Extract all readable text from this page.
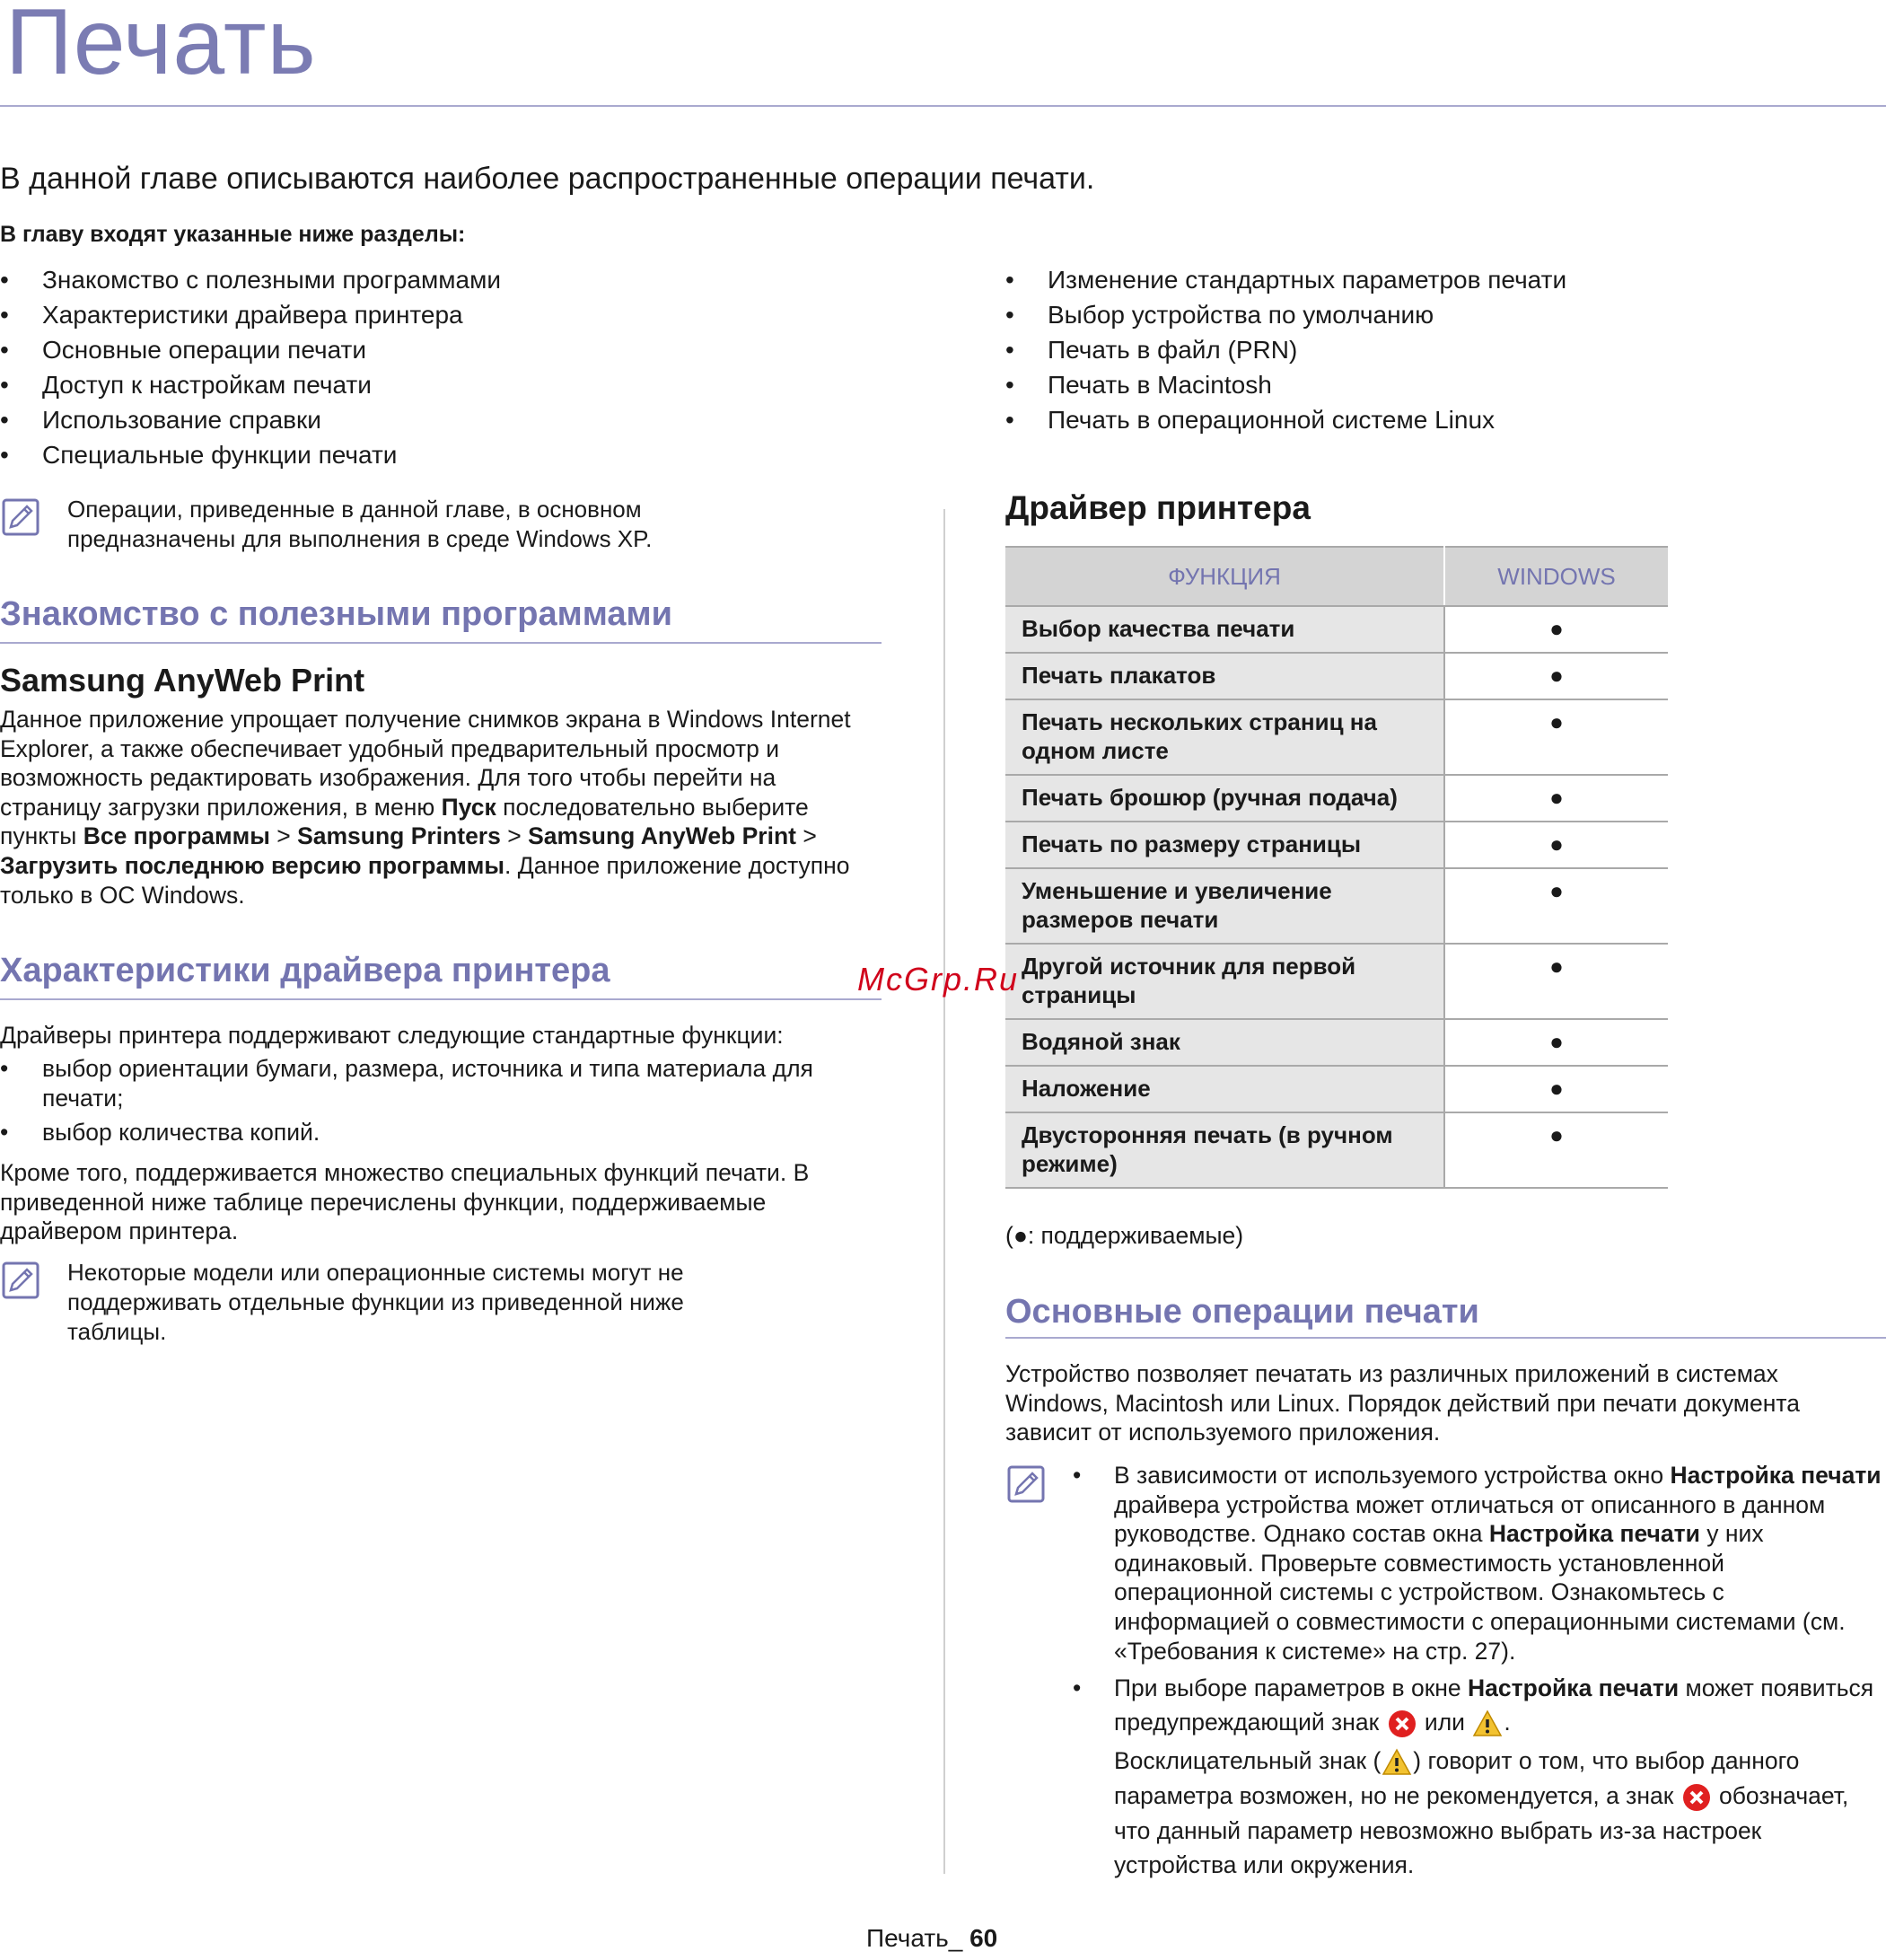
Печать
В данной главе описываются наиболее распространенные операции печати.
В главу входят указанные ниже разделы:
• Знакомство с полезными программами
• Характеристики драйвера принтера
• Основные операции печати
• Доступ к настройкам печати
• Использование справки
• Специальные функции печати
• Изменение стандартных параметров печати
• Выбор устройства по умолчанию
• Печать в файл (PRN)
• Печать в Macintosh
• Печать в операционной системе Linux
Операции, приведенные в данной главе, в основном
предназначены для выполнения в среде Windows XP.
Знакомство с полезными программами
Samsung AnyWeb Print
Данное приложение упрощает получение снимков экрана в Windows Internet Explorer, а также обеспечивает удобный предварительный просмотр и возможность редактировать изображения. Для того чтобы перейти на страницу загрузки приложения, в меню Пуск последовательно выберите пункты Все программы > Samsung Printers > Samsung AnyWeb Print > Загрузить последнюю версию программы. Данное приложение доступно только в ОС Windows.
Характеристики драйвера принтера
Драйверы принтера поддерживают следующие стандартные функции:
• выбор ориентации бумаги, размера, источника и типа материала для печати;
• выбор количества копий.
Кроме того, поддерживается множество специальных функций печати. В приведенной ниже таблице перечислены функции, поддерживаемые драйвером принтера.
Некоторые модели или операционные системы могут не поддерживать отдельные функции из приведенной ниже таблицы.
Драйвер принтера
ФУНКЦИЯ	WINDOWS
Выбор качества печати	●
Печать плакатов	●
Печать нескольких страниц на одном листе	●
Печать брошюр (ручная подача)	●
Печать по размеру страницы	●
Уменьшение и увеличение размеров печати	●
Другой источник для первой страницы	●
Водяной знак	●
Наложение	●
Двусторонняя печать (в ручном режиме)	●
(●: поддерживаемые)
Основные операции печати
Устройство позволяет печатать из различных приложений в системах Windows, Macintosh или Linux. Порядок действий при печати документа зависит от используемого приложения.
• В зависимости от используемого устройства окно Настройка печати драйвера устройства может отличаться от описанного в данном руководстве. Однако состав окна Настройка печати у них одинаковый. Проверьте совместимость установленной операционной системы с устройством. Ознакомьтесь с информацией о совместимости с операционными системами (см. «Требования к системе» на стр. 27).
• При выборе параметров в окне Настройка печати может появиться предупреждающий знак  или .
Восклицательный знак ( ) говорит о том, что выбор данного параметра возможен, но не рекомендуется, а знак  обозначает, что данный параметр невозможно выбрать из-за настроек устройства или окружения.
McGrp.Ru
Печать_ 60
